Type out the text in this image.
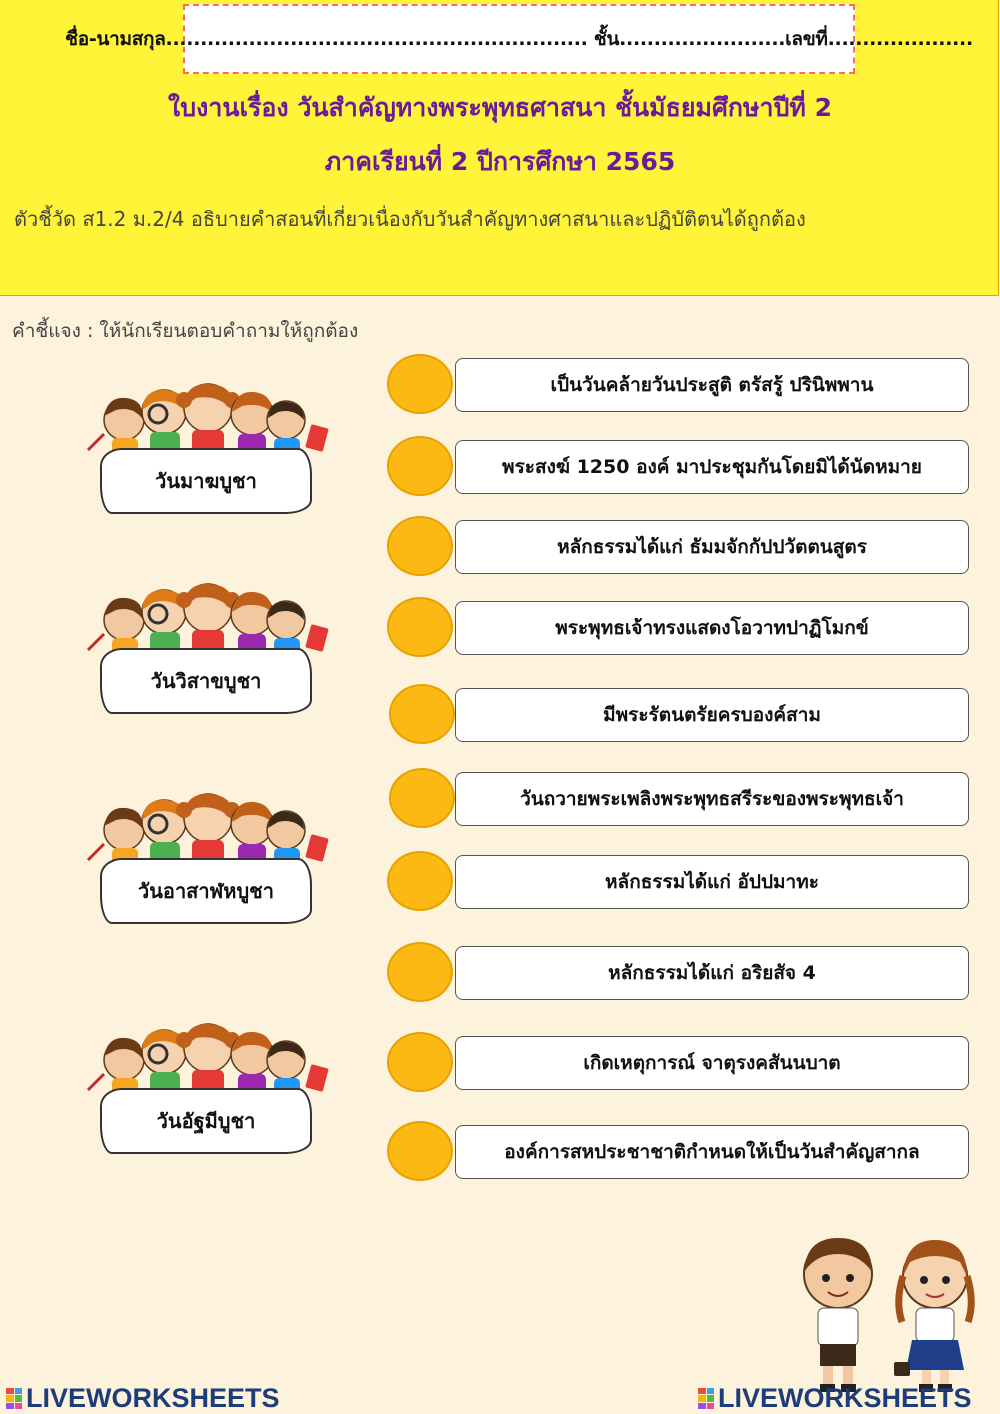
ชื่อ-นามสกุล............................................................. ชั้น........................เลขที่.....................
ใบงานเรื่อง วันสำคัญทางพระพุทธศาสนา ชั้นมัธยมศึกษาปีที่ 2
ภาคเรียนที่ 2 ปีการศึกษา 2565
ตัวชี้วัด ส1.2 ม.2/4 อธิบายคำสอนที่เกี่ยวเนื่องกับวันสำคัญทางศาสนาและปฏิบัติตนได้ถูกต้อง
คำชี้แจง : ให้นักเรียนตอบคำถามให้ถูกต้อง
วันมาฆบูชา
วันวิสาขบูชา
วันอาสาฬหบูชา
วันอัฐมีบูชา
เป็นวันคล้ายวันประสูติ ตรัสรู้ ปรินิพพาน
พระสงฆ์ 1250 องค์ มาประชุมกันโดยมิได้นัดหมาย
หลักธรรมได้แก่ ธัมมจักกัปปวัตตนสูตร
พระพุทธเจ้าทรงแสดงโอวาทปาฏิโมกข์
มีพระรัตนตรัยครบองค์สาม
วันถวายพระเพลิงพระพุทธสรีระของพระพุทธเจ้า
หลักธรรมได้แก่ อัปปมาทะ
หลักธรรมได้แก่ อริยสัจ 4
เกิดเหตุการณ์ จาตุรงคสันนบาต
องค์การสหประชาชาติกำหนดให้เป็นวันสำคัญสากล
LIVEWORKSHEETS	LIVEWORKSHEETS
